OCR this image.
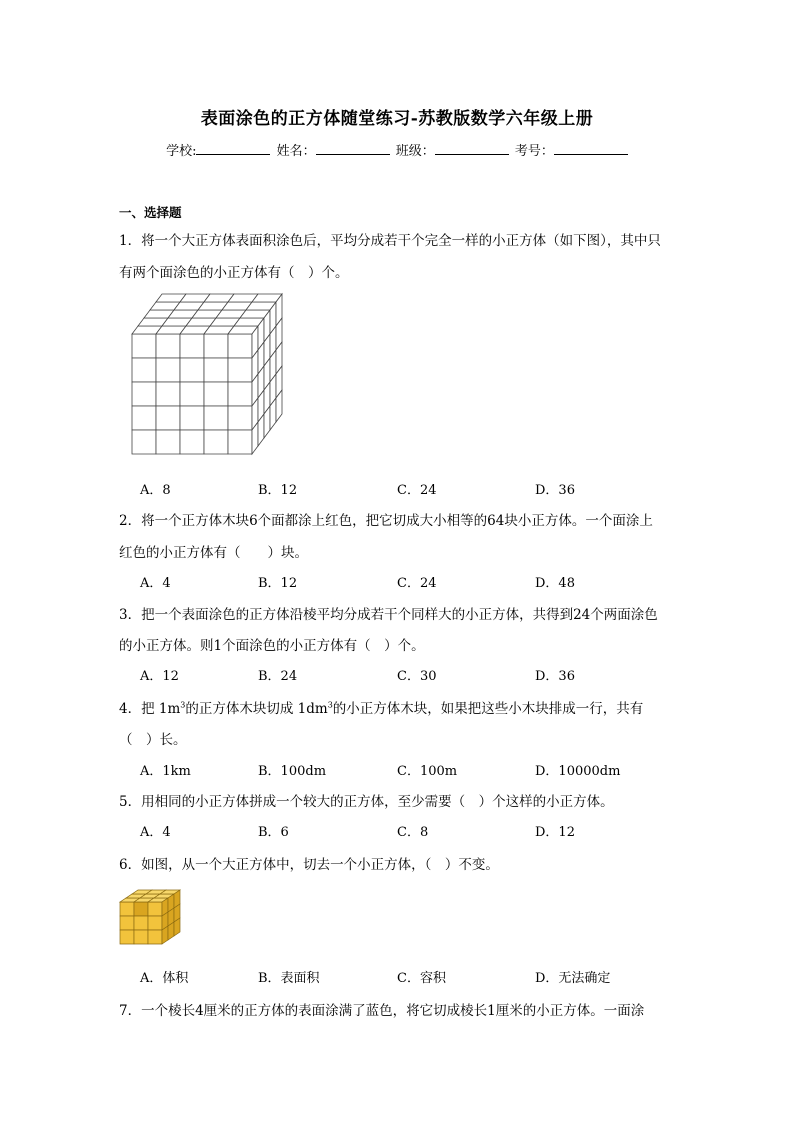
表面涂色的正方体随堂练习-苏教版数学六年级上册
学校:	姓名：	班级：	考号：
一、选择题
1．将一个大正方体表面积涂色后，平均分成若干个完全一样的小正方体（如下图），其中只
有两个面涂色的小正方体有（　）个。
A．8	B．12	C．24	D．36
2．将一个正方体木块6个面都涂上红色，把它切成大小相等的64块小正方体。一个面涂上
红色的小正方体有（　　）块。
A．4	B．12	C．24	D．48
3．把一个表面涂色的正方体沿棱平均分成若干个同样大的小正方体，共得到24个两面涂色
的小正方体。则1个面涂色的小正方体有（　）个。
A．12	B．24	C．30	D．36
4．把 $1m^3$的正方体木块切成 $1dm^3$的小正方体木块，如果把这些小木块排成一行，共有
（　）长。
A．1km	B．100dm	C．100m	D．10000dm
5．用相同的小正方体拼成一个较大的正方体，至少需要（　）个这样的小正方体。
A．4	B．6	C．8	D．12
6．如图，从一个大正方体中，切去一个小正方体，（　）不变。
A．体积	B．表面积	C．容积	D．无法确定
7．一个棱长4厘米的正方体的表面涂满了蓝色，将它切成棱长1厘米的小正方体。一面涂
